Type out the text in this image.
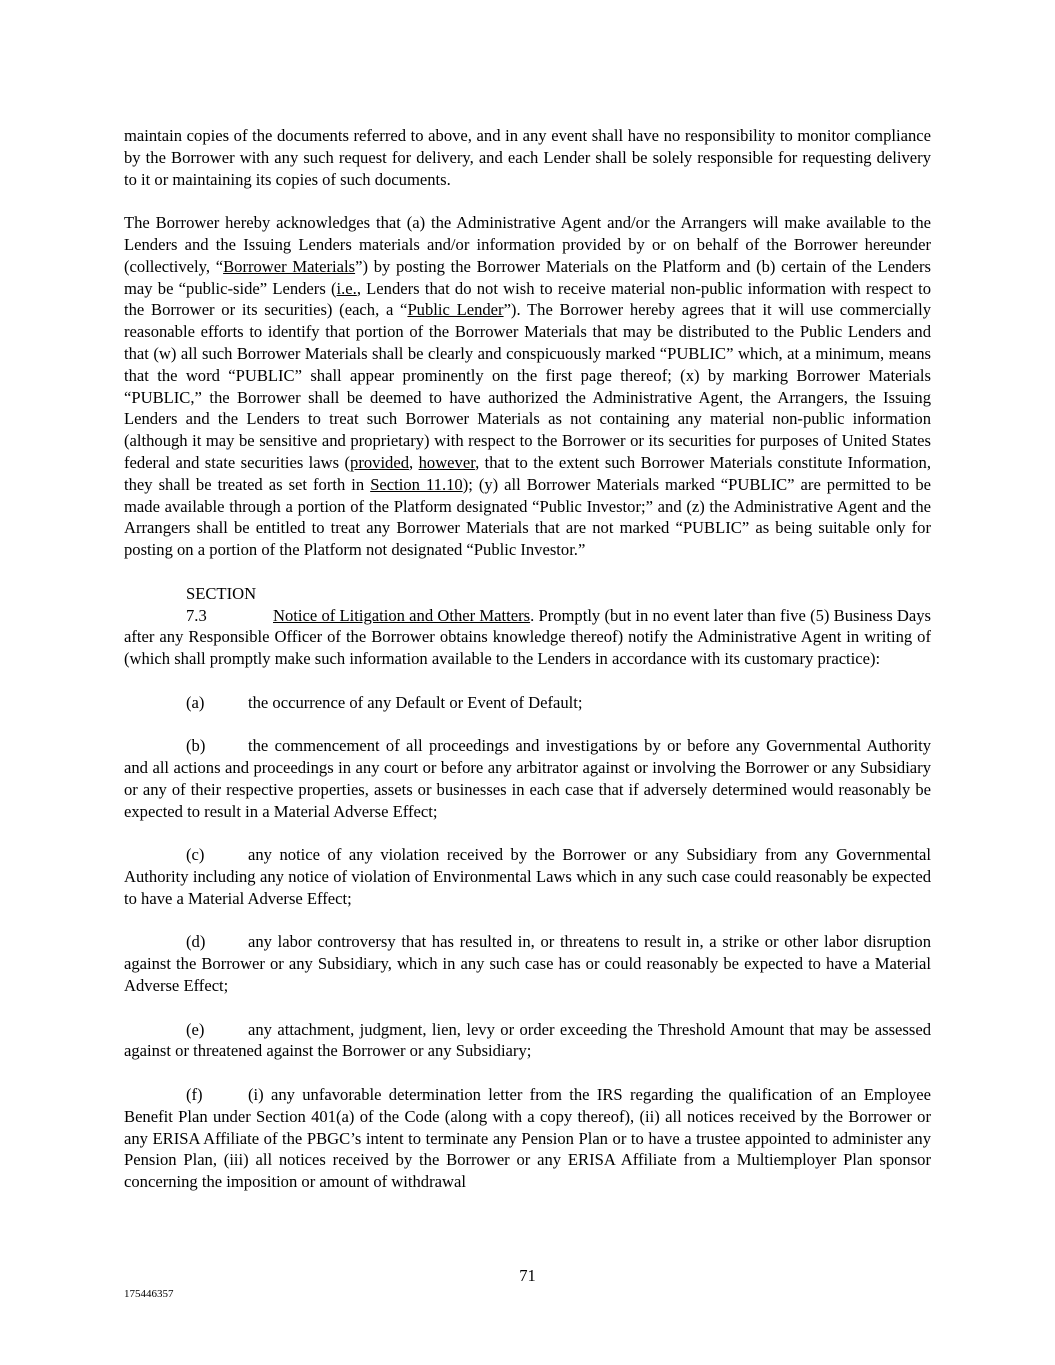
maintain copies of the documents referred to above, and in any event shall have no responsibility to monitor compliance by the Borrower with any such request for delivery, and each Lender shall be solely responsible for requesting delivery to it or maintaining its copies of such documents.

The Borrower hereby acknowledges that (a) the Administrative Agent and/or the Arrangers will make available to the Lenders and the Issuing Lenders materials and/or information provided by or on behalf of the Borrower hereunder (collectively, “Borrower Materials”) by posting the Borrower Materials on the Platform and (b) certain of the Lenders may be “public-side” Lenders (i.e., Lenders that do not wish to receive material non-public information with respect to the Borrower or its securities) (each, a “Public Lender”). The Borrower hereby agrees that it will use commercially reasonable efforts to identify that portion of the Borrower Materials that may be distributed to the Public Lenders and that (w) all such Borrower Materials shall be clearly and conspicuously marked “PUBLIC” which, at a minimum, means that the word “PUBLIC” shall appear prominently on the first page thereof; (x) by marking Borrower Materials “PUBLIC,” the Borrower shall be deemed to have authorized the Administrative Agent, the Arrangers, the Issuing Lenders and the Lenders to treat such Borrower Materials as not containing any material non-public information (although it may be sensitive and proprietary) with respect to the Borrower or its securities for purposes of United States federal and state securities laws (provided, however, that to the extent such Borrower Materials constitute Information, they shall be treated as set forth in Section 11.10); (y) all Borrower Materials marked “PUBLIC” are permitted to be made available through a portion of the Platform designated “Public Investor;” and (z) the Administrative Agent and the Arrangers shall be entitled to treat any Borrower Materials that are not marked “PUBLIC” as being suitable only for posting on a portion of the Platform not designated “Public Investor.”

SECTION 7.3	Notice of Litigation and Other Matters. Promptly (but in no event later than five (5) Business Days after any Responsible Officer of the Borrower obtains knowledge thereof) notify the Administrative Agent in writing of (which shall promptly make such information available to the Lenders in accordance with its customary practice):

(a)	the occurrence of any Default or Event of Default;

(b)	the commencement of all proceedings and investigations by or before any Governmental Authority and all actions and proceedings in any court or before any arbitrator against or involving the Borrower or any Subsidiary or any of their respective properties, assets or businesses in each case that if adversely determined would reasonably be expected to result in a Material Adverse Effect;

(c)	any notice of any violation received by the Borrower or any Subsidiary from any Governmental Authority including any notice of violation of Environmental Laws which in any such case could reasonably be expected to have a Material Adverse Effect;

(d)	any labor controversy that has resulted in, or threatens to result in, a strike or other labor disruption against the Borrower or any Subsidiary, which in any such case has or could reasonably be expected to have a Material Adverse Effect;

(e)	any attachment, judgment, lien, levy or order exceeding the Threshold Amount that may be assessed against or threatened against the Borrower or any Subsidiary;

(f)	(i) any unfavorable determination letter from the IRS regarding the qualification of an Employee Benefit Plan under Section 401(a) of the Code (along with a copy thereof), (ii) all notices received by the Borrower or any ERISA Affiliate of the PBGC’s intent to terminate any Pension Plan or to have a trustee appointed to administer any Pension Plan, (iii) all notices received by the Borrower or any ERISA Affiliate from a Multiemployer Plan sponsor concerning the imposition or amount of withdrawal

71
175446357
